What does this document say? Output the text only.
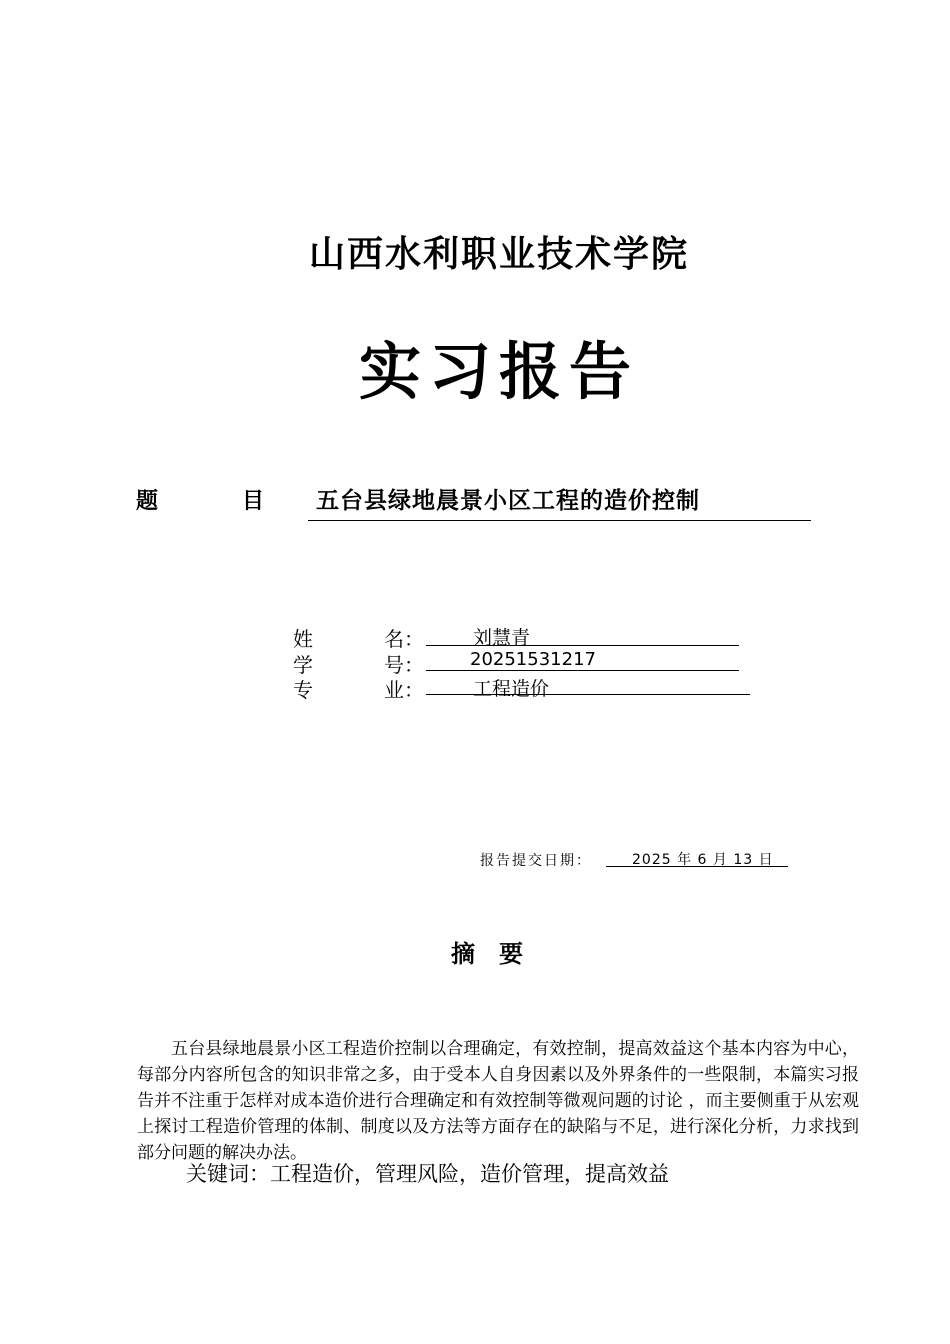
山西水利职业技术学院
实习报告
题	目 五台县绿地晨景小区工程的造价控制
姓	名 ：	刘慧青
学	号 ：	20251531217
专	业 ：	工程造价
报告提交日期：	2025 年 6 月 13 日
摘要

五台县绿地晨景小区工程造价控制以合理确定，有效控制，提高效益这个基本内容为中心，每部分内容所包含的知识非常之多，由于受本人自身因素以及外界条件的一些限制，本篇实习报告并不注重于怎样对成本造价进行合理确定和有效控制等微观问题的讨论 ，而主要侧重于从宏观上探讨工程造价管理的体制、制度以及方法等方面存在的缺陷与不足，进行深化分析，力求找到部分问题的解决办法。

关键词：工程造价，管理风险，造价管理，提高效益
